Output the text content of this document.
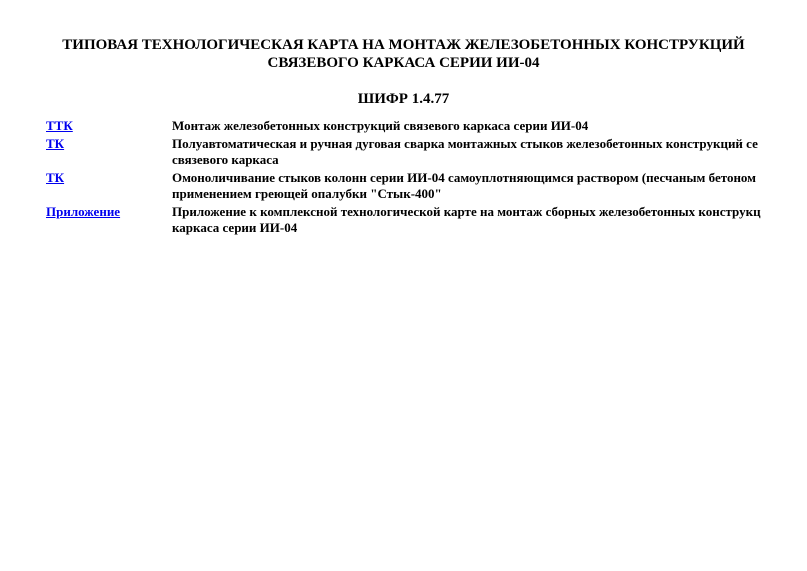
ТИПОВАЯ ТЕХНОЛОГИЧЕСКАЯ КАРТА НА МОНТАЖ ЖЕЛЕЗОБЕТОННЫХ КОНСТРУКЦИЙ
СВЯЗЕВОГО КАРКАСА СЕРИИ ИИ-04
ШИФР 1.4.77
ТТК	Монтаж железобетонных конструкций связевого каркаса серии ИИ-04
ТК	Полуавтоматическая и ручная дуговая сварка монтажных стыков железобетонных конструкций се
связевого каркаса
ТК	Омоноличивание стыков колонн серии ИИ-04 самоуплотняющимся раствором (песчаным бетоном
применением греющей опалубки "Стык-400"
Приложение	Приложение к комплексной технологической карте на монтаж сборных железобетонных конструкц
каркаса серии ИИ-04
